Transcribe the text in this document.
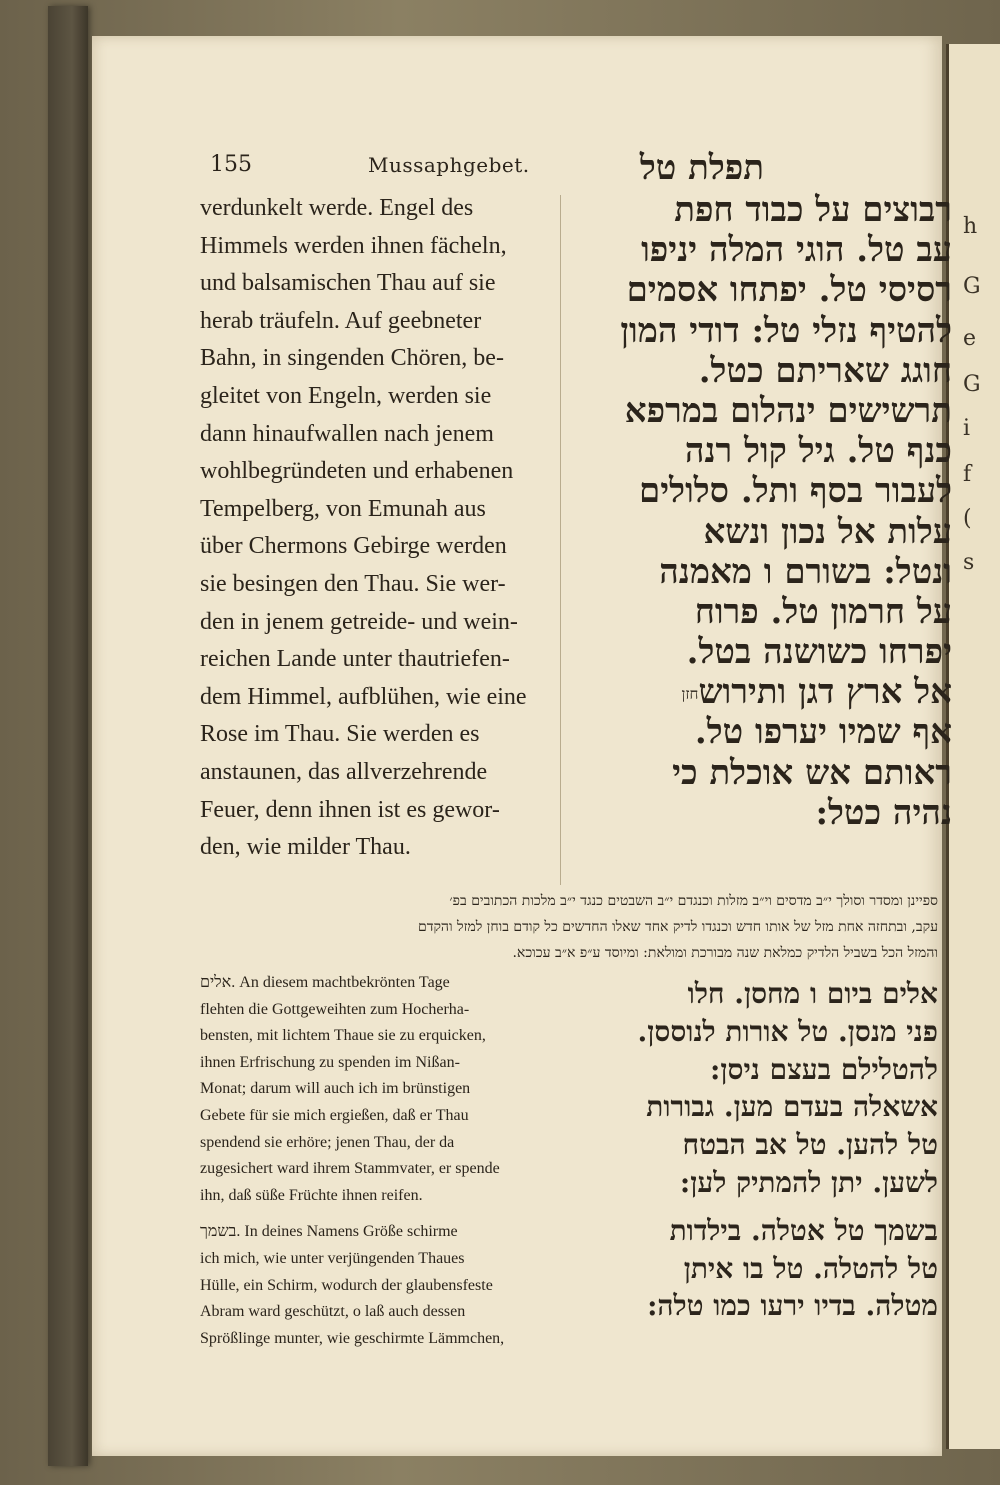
h
G
e
G
i
f
(
s
155	Mussaphgebet.	תפלת טל
verdunkelt werde. Engel des
Himmels werden ihnen fächeln,
und balsamischen Thau auf sie
herab träufeln. Auf geebneter
Bahn, in singenden Chören, be-
gleitet von Engeln, werden sie
dann hinaufwallen nach jenem
wohlbegründeten und erhabenen
Tempelberg, von Emunah aus
über Chermons Gebirge werden
sie besingen den Thau. Sie wer-
den in jenem getreide- und wein-
reichen Lande unter thautriefen-
dem Himmel, aufblühen, wie eine
Rose im Thau. Sie werden es
anstaunen, das allverzehrende
Feuer, denn ihnen ist es gewor-
den, wie milder Thau.
רבוצים על כבוד חפת
עב טל. הוגי המלה יניפו
רסיסי טל. יפתחו אסמים
להטיף נזלי טל: דודי המון
חוגג שאריתם כטל.
תרשישים ינהלום במרפא
כנף טל. גיל קול רנה
לעבור בסף ותל. סלולים
עלות אל נכון ונשא
ונטל: בשורם ו מאמנה
על חרמון טל. פרוח
יפרחו כשושנה בטל.
אל ארץ דגן ותירושחזן
אף שמיו יערפו טל.
ראותם אש אוכלת כי
נהיה כטל:
ספיינן ומסדר וסולך י״ב מדסים וי״ב מזלות וכנגדם י״ב השבטים כנגד י״ב מלכות הכתובים בפ׳
עקב, ובתחזה אחת מזל של אותו חדש וכנגדו לדיק אחד שאלו החדשים כל קודם בוחן למזל והקדם
והמזל הכל בשביל הלדיק כמלאת שנה מבורכת ומולאת: ומיוסד ע״פ א״ב עכוכא.
אלים. An diesem machtbekrönten Tage
flehten die Gottgeweihten zum Hocherha-
bensten, mit lichtem Thaue sie zu erquicken,
ihnen Erfrischung zu spenden im Nißan-
Monat; darum will auch ich im brünstigen
Gebete für sie mich ergießen, daß er Thau
spendend sie erhöre; jenen Thau, der da
zugesichert ward ihrem Stammvater, er spende
ihn, daß süße Früchte ihnen reifen.
בשמך. In deines Namens Größe schirme
ich mich, wie unter verjüngenden Thaues
Hülle, ein Schirm, wodurch der glaubensfeste
Abram ward geschützt, o laß auch dessen
Sprößlinge munter, wie geschirmte Lämmchen,
אלים ביום ו מחסן. חלו
פני מנסן. טל אורות לנוססן.
להטלילם בעצם ניסן:
אשאלה בעדם מען. גבורות
טל להען. טל אב הבטח
לשען. יתן להמתיק לען:
בשמך טל אטלה. בילדות
טל להטלה. טל בו איתן
מטלה. בדיו ירעו כמו טלה:
